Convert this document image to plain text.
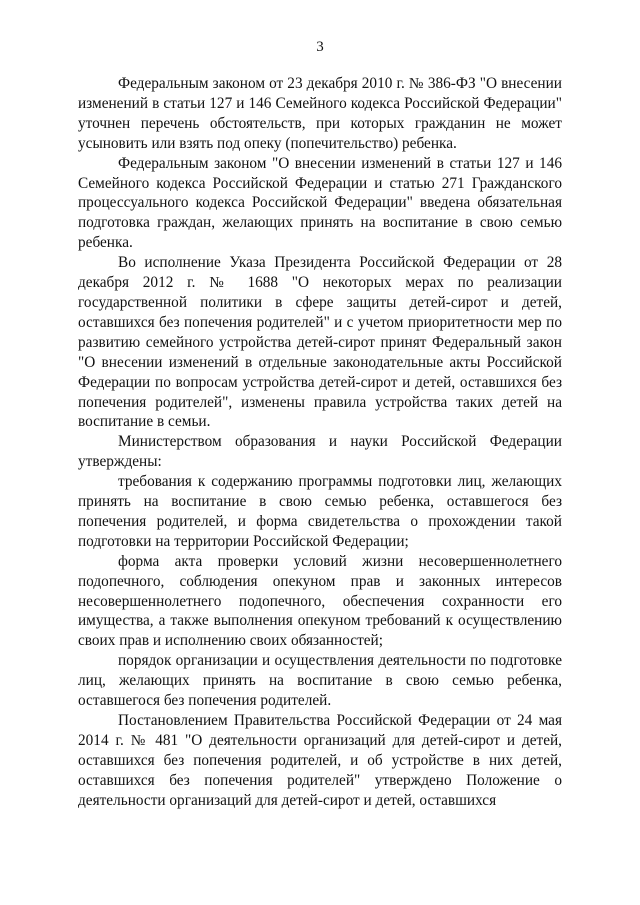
3

Федеральным законом от 23 декабря 2010 г. № 386-ФЗ "О внесении изменений в статьи 127 и 146 Семейного кодекса Российской Федерации" уточнен перечень обстоятельств, при которых гражданин не может усыновить или взять под опеку (попечительство) ребенка.

Федеральным законом "О внесении изменений в статьи 127 и 146 Семейного кодекса Российской Федерации и статью 271 Гражданского процессуального кодекса Российской Федерации" введена обязательная подготовка граждан, желающих принять на воспитание в свою семью ребенка.

Во исполнение Указа Президента Российской Федерации от 28 декабря 2012 г. № 1688 "О некоторых мерах по реализации государственной политики в сфере защиты детей-сирот и детей, оставшихся без попечения родителей" и с учетом приоритетности мер по развитию семейного устройства детей-сирот принят Федеральный закон "О внесении изменений в отдельные законодательные акты Российской Федерации по вопросам устройства детей-сирот и детей, оставшихся без попечения родителей", изменены правила устройства таких детей на воспитание в семьи.

Министерством образования и науки Российской Федерации утверждены:

требования к содержанию программы подготовки лиц, желающих принять на воспитание в свою семью ребенка, оставшегося без попечения родителей, и форма свидетельства о прохождении такой подготовки на территории Российской Федерации;

форма акта проверки условий жизни несовершеннолетнего подопечного, соблюдения опекуном прав и законных интересов несовершеннолетнего подопечного, обеспечения сохранности его имущества, а также выполнения опекуном требований к осуществлению своих прав и исполнению своих обязанностей;

порядок организации и осуществления деятельности по подготовке лиц, желающих принять на воспитание в свою семью ребенка, оставшегося без попечения родителей.

Постановлением Правительства Российской Федерации от 24 мая 2014 г. № 481 "О деятельности организаций для детей-сирот и детей, оставшихся без попечения родителей, и об устройстве в них детей, оставшихся без попечения родителей" утверждено Положение о деятельности организаций для детей-сирот и детей, оставшихся
